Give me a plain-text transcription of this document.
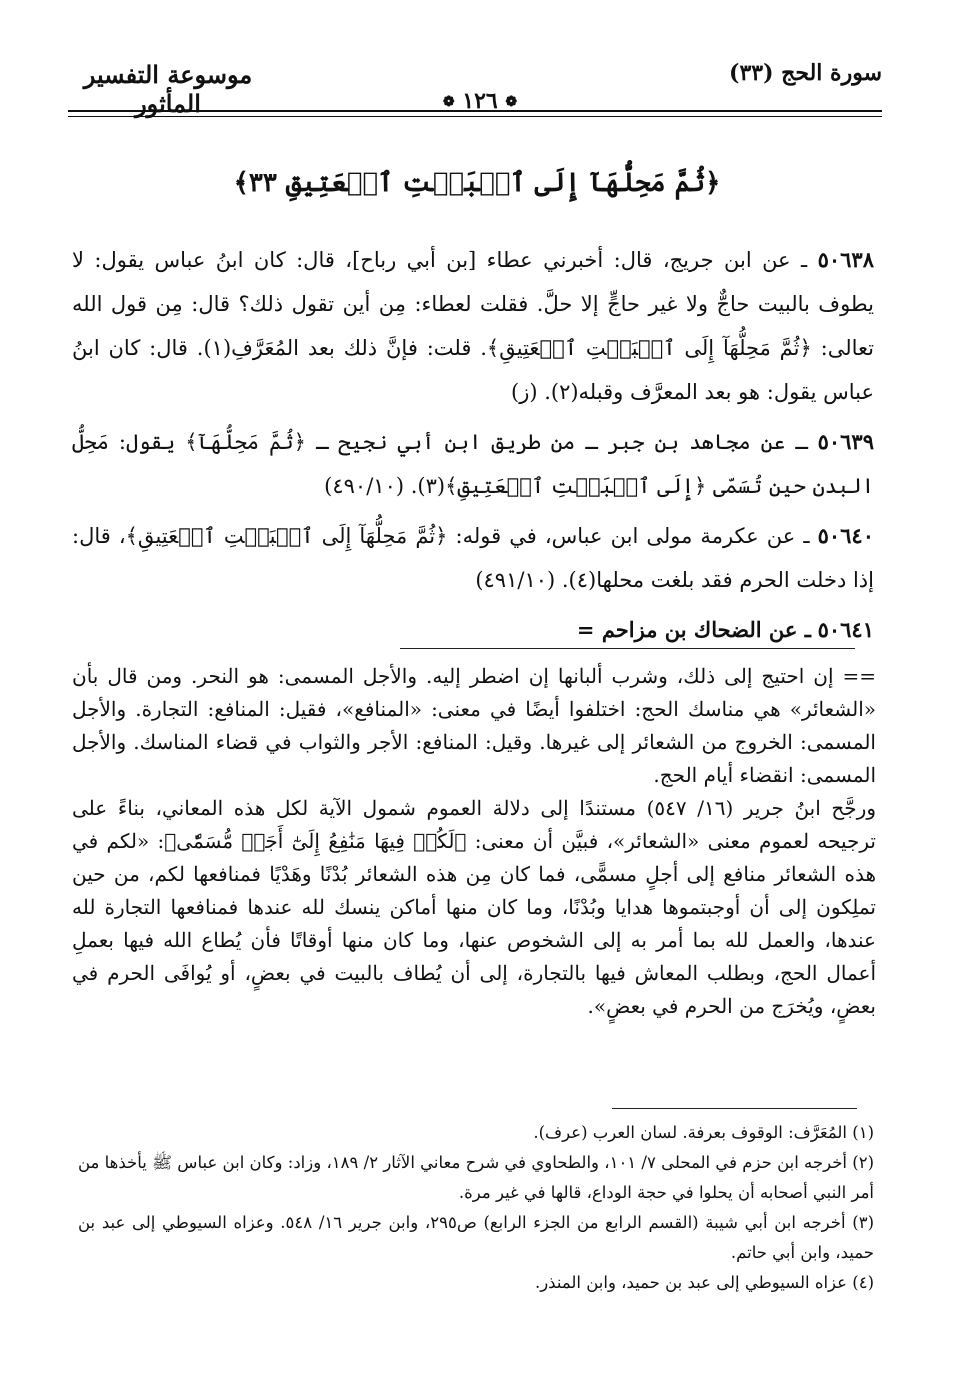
سورة الحج (٣٣)
موسوعة التفسير المأثور	❁ ١٢٦ ❁
﴿ثُمَّ مَحِلُّهَآ إِلَى ٱلۡبَيۡتِ ٱلۡعَتِيقِ ٣٣﴾

٥٠٦٣٨ ـ عن ابن جريج، قال: أخبرني عطاء [بن أبي رباح]، قال: كان ابنُ عباس يقول: لا يطوف بالبيت حاجٌّ ولا غير حاجٍّ إلا حلَّ. فقلت لعطاء: مِن أين تقول ذلك؟ قال: مِن قول الله تعالى: ﴿ثُمَّ مَحِلُّهَآ إِلَى ٱلۡبَيۡتِ ٱلۡعَتِيقِ﴾. قلت: فإنَّ ذلك بعد المُعَرَّفِ(١). قال: كان ابنُ عباس يقول: هو بعد المعرَّف وقبله(٢). (ز)

٥٠٦٣٩ ـ عن مجاهد بن جبر ـ من طريق ابن أبي نجيح ـ ﴿ثُمَّ مَحِلُّهَآ﴾ يقول: مَحِلُّ البدن حين تُسَمّى ﴿إِلَى ٱلۡبَيۡتِ ٱلۡعَتِيقِ﴾(٣). (٤٩٠/١٠)

٥٠٦٤٠ ـ عن عكرمة مولى ابن عباس، في قوله: ﴿ثُمَّ مَحِلُّهَآ إِلَى ٱلۡبَيۡتِ ٱلۡعَتِيقِ﴾، قال: إذا دخلت الحرم فقد بلغت محلها(٤). (٤٩١/١٠)

٥٠٦٤١ ـ عن الضحاك بن مزاحم =

== إن احتيج إلى ذلك، وشرب ألبانها إن اضطر إليه. والأجل المسمى: هو النحر. ومن قال بأن «الشعائر» هي مناسك الحج: اختلفوا أيضًا في معنى: «المنافع»، فقيل: المنافع: التجارة. والأجل المسمى: الخروج من الشعائر إلى غيرها. وقيل: المنافع: الأجر والثواب في قضاء المناسك. والأجل المسمى: انقضاء أيام الحج.

ورجَّح ابنُ جرير (١٦/ ٥٤٧) مستندًا إلى دلالة العموم شمول الآية لكل هذه المعاني، بناءً على ترجيحه لعموم معنى «الشعائر»، فبيَّن أن معنى: ﴿لَكُمۡ فِيهَا مَنَٰفِعُ إِلَىٰٓ أَجَلٖ مُّسَمّٗى﴾: «لكم في هذه الشعائر منافع إلى أجلٍ مسمًّى، فما كان مِن هذه الشعائر بُدْنًا وهَدْيًا فمنافعها لكم، من حين تملِكون إلى أن أوجبتموها هدايا وبُدْنًا، وما كان منها أماكن ينسك لله عندها فمنافعها التجارة لله عندها، والعمل لله بما أمر به إلى الشخوص عنها، وما كان منها أوقاتًا فأن يُطاع الله فيها بعملِ أعمال الحج، وبطلب المعاش فيها بالتجارة، إلى أن يُطاف بالبيت في بعضٍ، أو يُوافَى الحرم في بعضٍ، ويُخرَج من الحرم في بعضٍ».

(١) المُعَرَّف: الوقوف بعرفة. لسان العرب (عرف).

(٢) أخرجه ابن حزم في المحلى ٧/ ١٠١، والطحاوي في شرح معاني الآثار ٢/ ١٨٩، وزاد: وكان ابن عباس ﷺ يأخذها من أمر النبي أصحابه أن يحلوا في حجة الوداع، قالها في غير مرة.

(٣) أخرجه ابن أبي شيبة (القسم الرابع من الجزء الرابع) ص٢٩٥، وابن جرير ١٦/ ٥٤٨. وعزاه السيوطي إلى عبد بن حميد، وابن أبي حاتم.

(٤) عزاه السيوطي إلى عبد بن حميد، وابن المنذر.
